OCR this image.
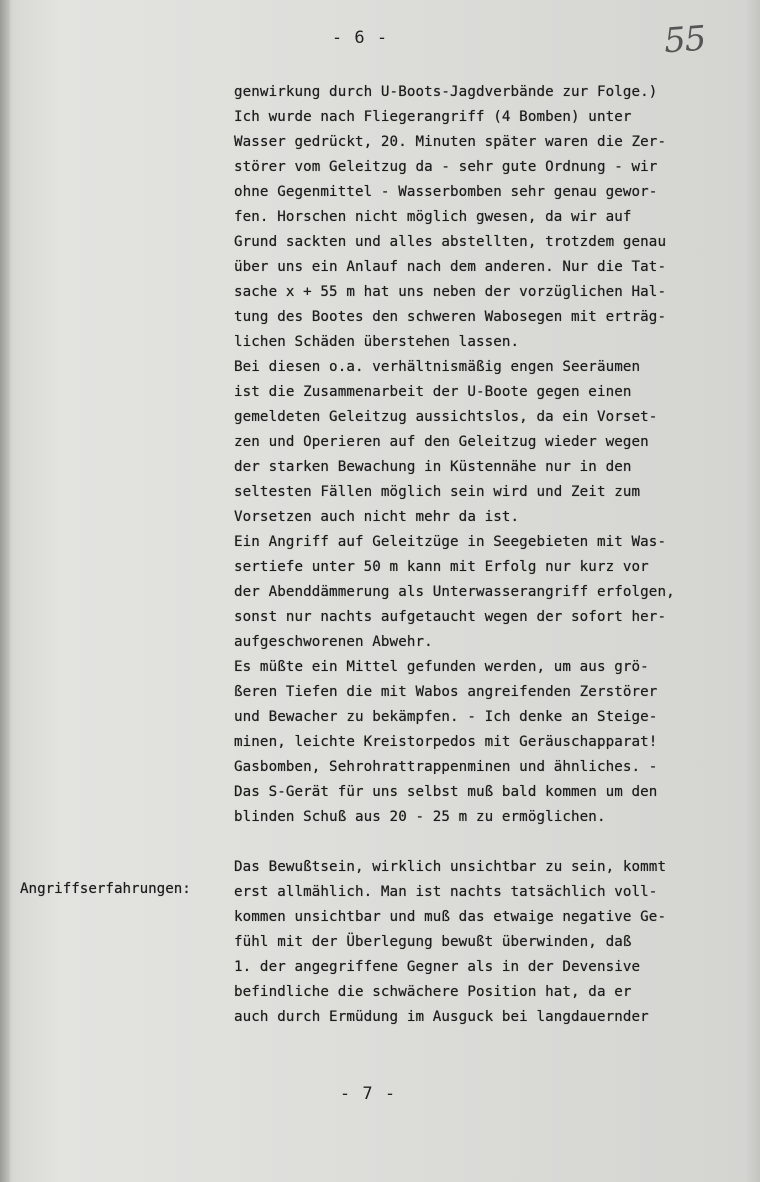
- 6 -	55
Angriffserfahrungen:
genwirkung durch U-Boots-Jagdverbände zur Folge.)
Ich wurde nach Fliegerangriff (4 Bomben) unter
Wasser gedrückt, 20. Minuten später waren die Zer-
störer vom Geleitzug da - sehr gute Ordnung - wir
ohne Gegenmittel - Wasserbomben sehr genau gewor-
fen. Horschen nicht möglich gwesen, da wir auf
Grund sackten und alles abstellten, trotzdem genau
über uns ein Anlauf nach dem anderen. Nur die Tat-
sache x + 55 m hat uns neben der vorzüglichen Hal-
tung des Bootes den schweren Wabosegen mit erträg-
lichen Schäden überstehen lassen.
Bei diesen o.a. verhältnismäßig engen Seeräumen
ist die Zusammenarbeit der U-Boote gegen einen
gemeldeten Geleitzug aussichtslos, da ein Vorset-
zen und Operieren auf den Geleitzug wieder wegen
der starken Bewachung in Küstennähe nur in den
seltesten Fällen möglich sein wird und Zeit zum
Vorsetzen auch nicht mehr da ist.
Ein Angriff auf Geleitzüge in Seegebieten mit Was-
sertiefe unter 50 m kann mit Erfolg nur kurz vor
der Abenddämmerung als Unterwasserangriff erfolgen,
sonst nur nachts aufgetaucht wegen der sofort her-
aufgeschworenen Abwehr.
Es müßte ein Mittel gefunden werden, um aus grö-
ßeren Tiefen die mit Wabos angreifenden Zerstörer
und Bewacher zu bekämpfen. - Ich denke an Steige-
minen, leichte Kreistorpedos mit Geräuschapparat!
Gasbomben, Sehrohrattrappenminen und ähnliches. -
Das S-Gerät für uns selbst muß bald kommen um den
blinden Schuß aus 20 - 25 m zu ermöglichen.
Das Bewußtsein, wirklich unsichtbar zu sein, kommt
erst allmählich. Man ist nachts tatsächlich voll-
kommen unsichtbar und muß das etwaige negative Ge-
fühl mit der Überlegung bewußt überwinden, daß
1. der angegriffene Gegner als in der Devensive
befindliche die schwächere Position hat, da er
auch durch Ermüdung im Ausguck bei langdauernder
- 7 -
